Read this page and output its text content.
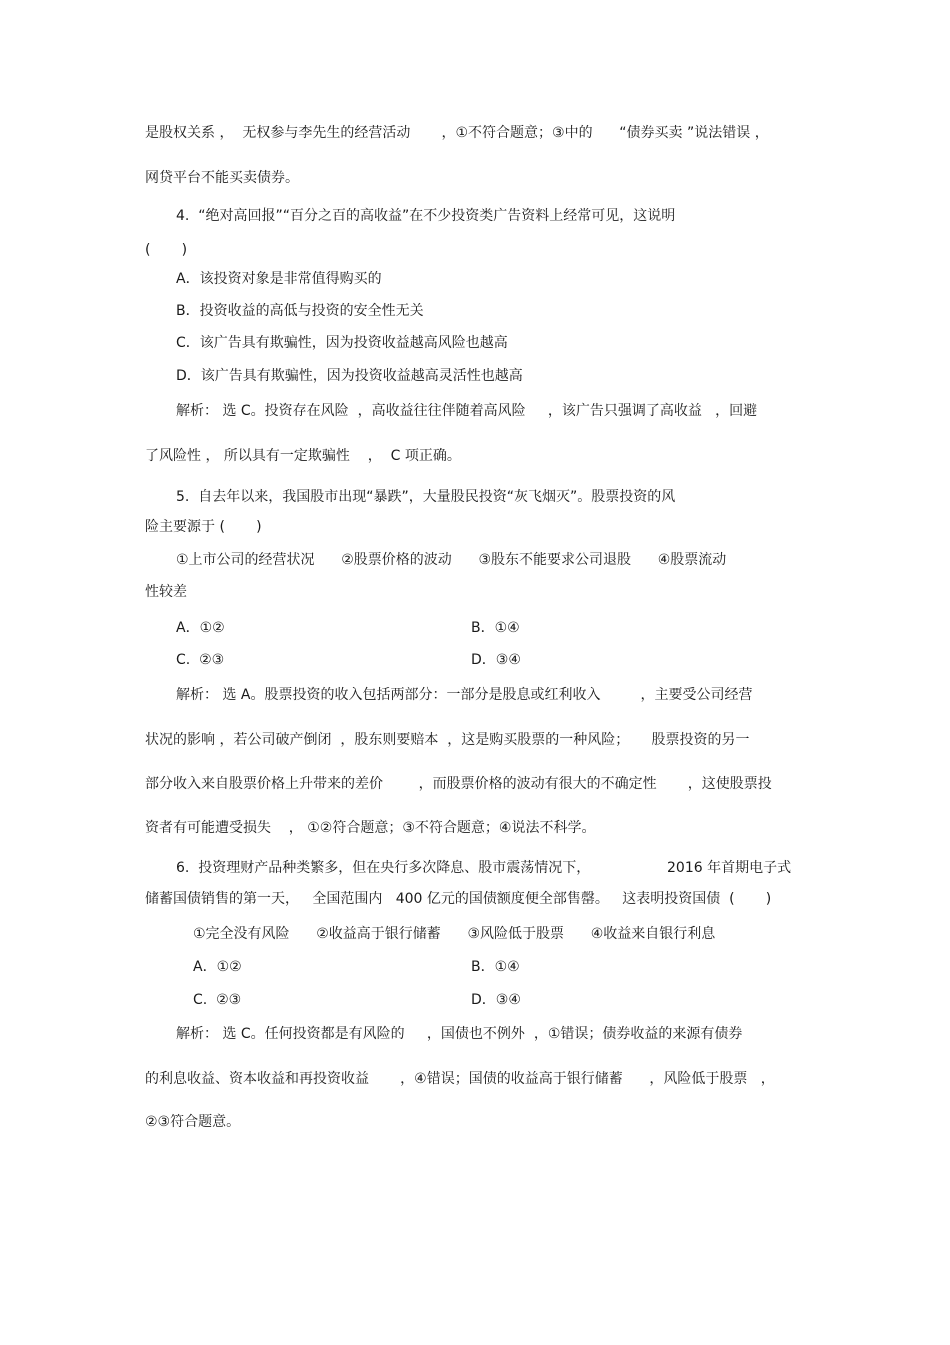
是股权关系 ，  无权参与李先生的经营活动       ，①不符合题意；③中的      “债券买卖 ”说法错误 ，

网贷平台不能买卖债券。

4.  “绝对高回报”“百分之百的高收益”在不少投资类广告资料上经常可见，这说明

(       )

A．该投资对象是非常值得购买的

B．投资收益的高低与投资的安全性无关

C．该广告具有欺骗性，因为投资收益越高风险也越高

D．该广告具有欺骗性，因为投资收益越高灵活性也越高

解析： 选 C。投资存在风险  ，高收益往往伴随着高风险     ，该广告只强调了高收益   ，回避

了风险性 ， 所以具有一定欺骗性    ，  C 项正确。

5.  自去年以来，我国股市出现“暴跌”，大量股民投资“灰飞烟灭”。股票投资的风

险主要源于 (       )

①上市公司的经营状况      ②股票价格的波动      ③股东不能要求公司退股      ④股票流动

性较差

A．①②	B．①④

C.  ②③	D．③④

解析： 选 A。股票投资的收入包括两部分：一部分是股息或红利收入         ，主要受公司经营

状况的影响 ，若公司破产倒闭  ，股东则要赔本  ，这是购买股票的一种风险；     股票投资的另一

部分收入来自股票价格上升带来的差价        ，而股票价格的波动有很大的不确定性       ，这使股票投

资者有可能遭受损失    ， ①②符合题意；③不符合题意；④说法不科学。

6.  投资理财产品种类繁多，但在央行多次降息、股市震荡情况下，	2016 年首期电子式

储蓄国债销售的第一天，   全国范围内   400 亿元的国债额度便全部售罄。   这表明投资国债  (       )

①完全没有风险      ②收益高于银行储蓄      ③风险低于股票      ④收益来自银行利息

A．①②	B．①④

C.  ②③	D．③④

解析： 选 C。任何投资都是有风险的     ，国债也不例外  ，①错误；债券收益的来源有债券

的利息收益、资本收益和再投资收益       ，④错误；国债的收益高于银行储蓄      ，风险低于股票   ，

②③符合题意。
